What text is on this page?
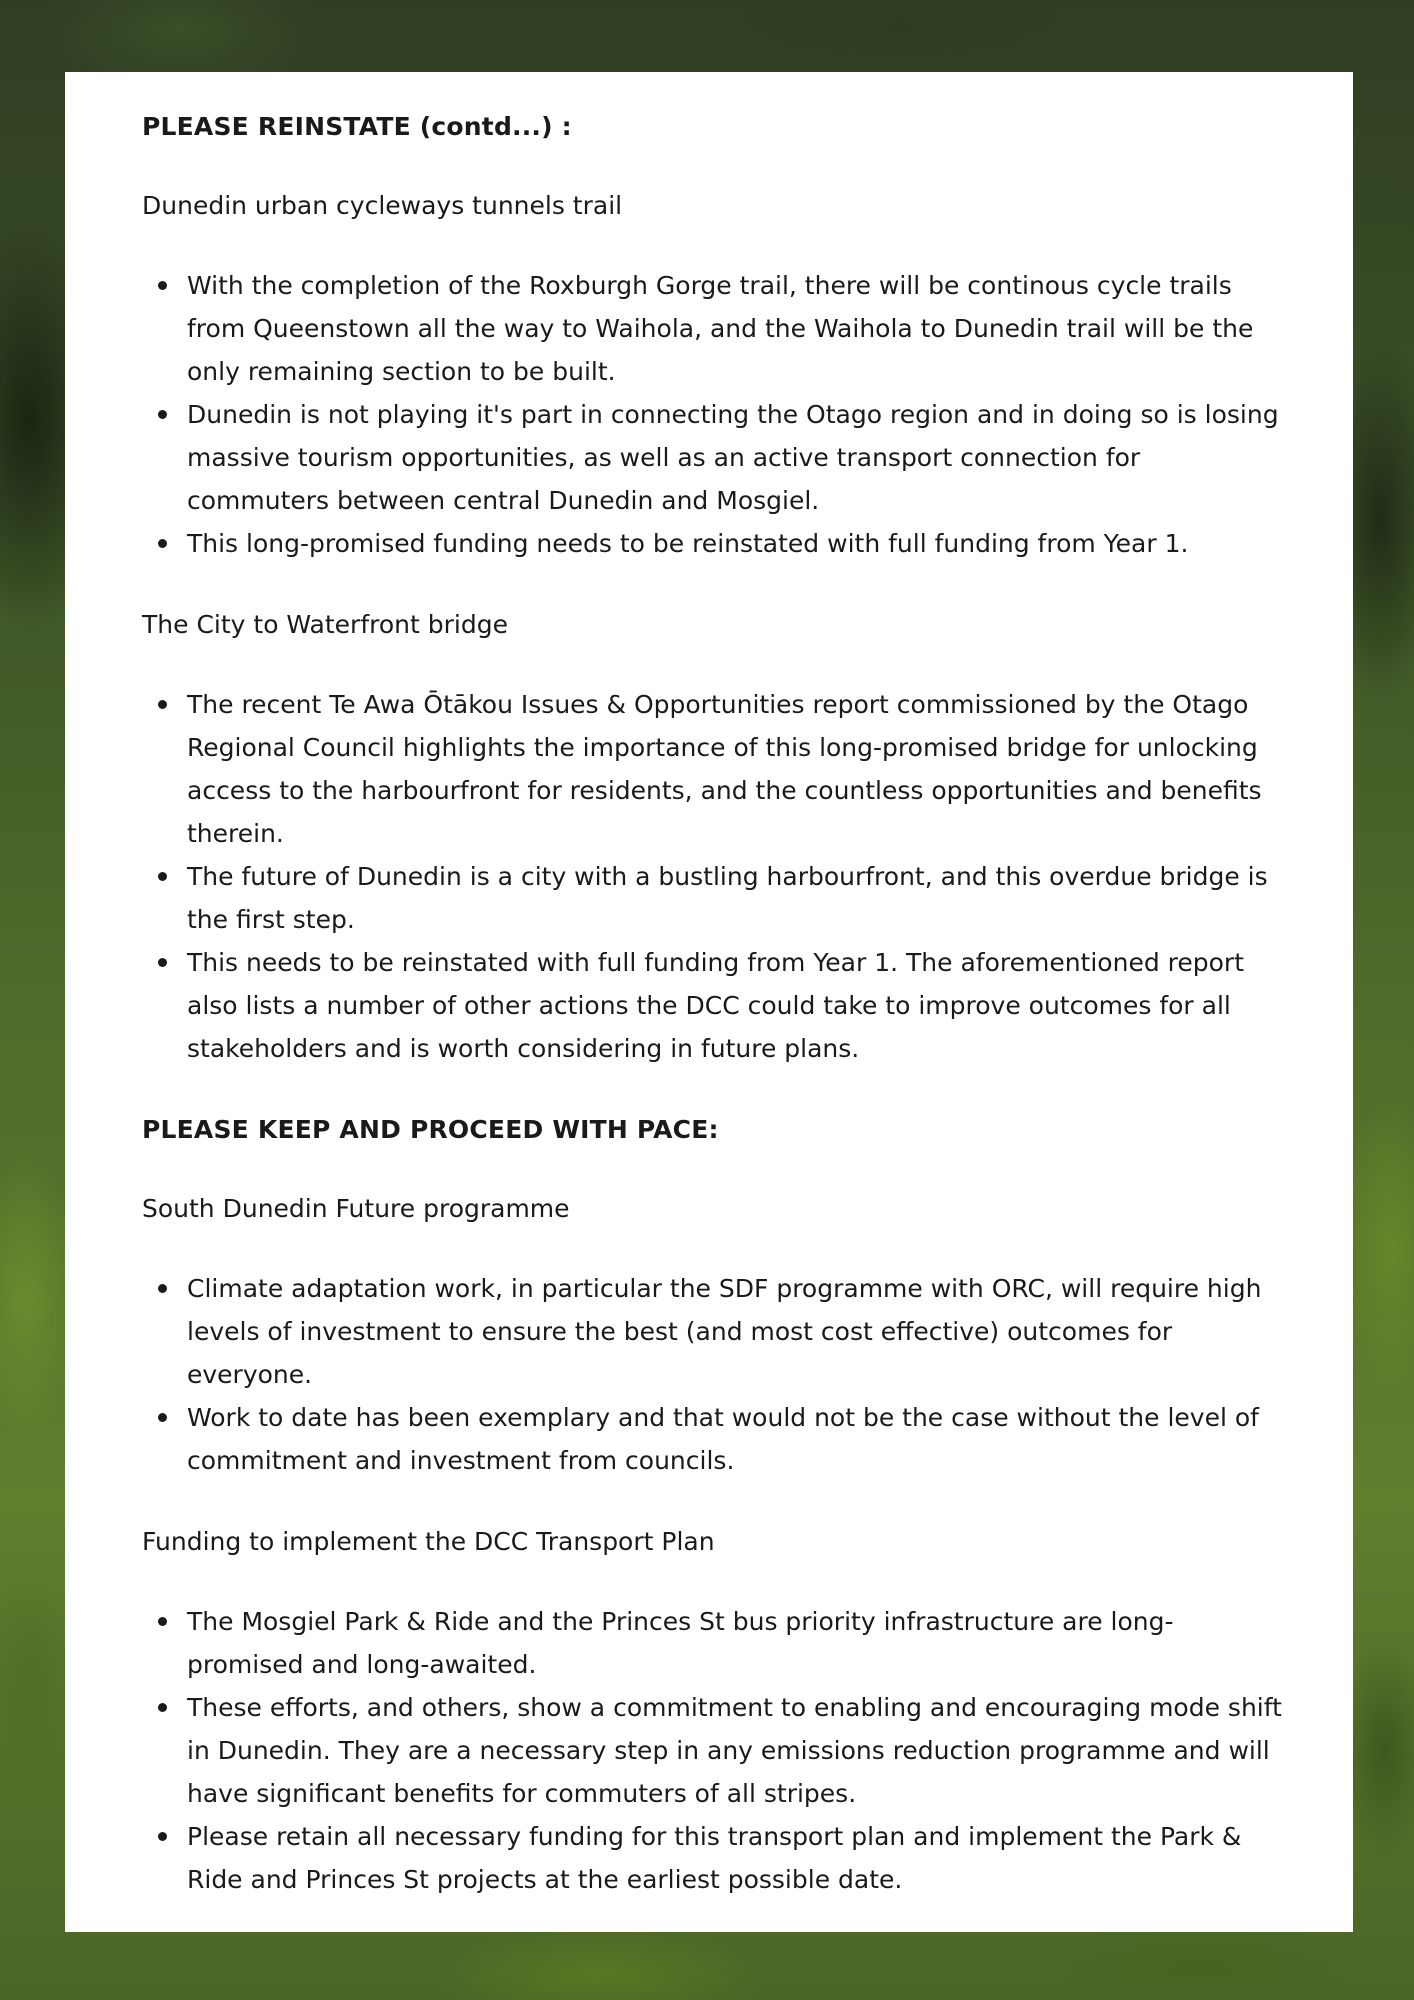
PLEASE REINSTATE (contd...) :

Dunedin urban cycleways tunnels trail

With the completion of the Roxburgh Gorge trail, there will be continous cycle trails from Queenstown all the way to Waihola, and the Waihola to Dunedin trail will be the only remaining section to be built.
Dunedin is not playing it's part in connecting the Otago region and in doing so is losing massive tourism opportunities, as well as an active transport connection for commuters between central Dunedin and Mosgiel.
This long-promised funding needs to be reinstated with full funding from Year 1.

The City to Waterfront bridge

The recent Te Awa Ōtākou Issues & Opportunities report commissioned by the Otago Regional Council highlights the importance of this long-promised bridge for unlocking access to the harbourfront for residents, and the countless opportunities and benefits therein.
The future of Dunedin is a city with a bustling harbourfront, and this overdue bridge is the first step.
This needs to be reinstated with full funding from Year 1. The aforementioned report also lists a number of other actions the DCC could take to improve outcomes for all stakeholders and is worth considering in future plans.
PLEASE KEEP AND PROCEED WITH PACE:

South Dunedin Future programme

Climate adaptation work, in particular the SDF programme with ORC, will require high levels of investment to ensure the best (and most cost effective) outcomes for everyone.
Work to date has been exemplary and that would not be the case without the level of commitment and investment from councils.

Funding to implement the DCC Transport Plan

The Mosgiel Park & Ride and the Princes St bus priority infrastructure are long-promised and long-awaited.
These efforts, and others, show a commitment to enabling and encouraging mode shift in Dunedin. They are a necessary step in any emissions reduction programme and will have significant benefits for commuters of all stripes.
Please retain all necessary funding for this transport plan and implement the Park & Ride and Princes St projects at the earliest possible date.
